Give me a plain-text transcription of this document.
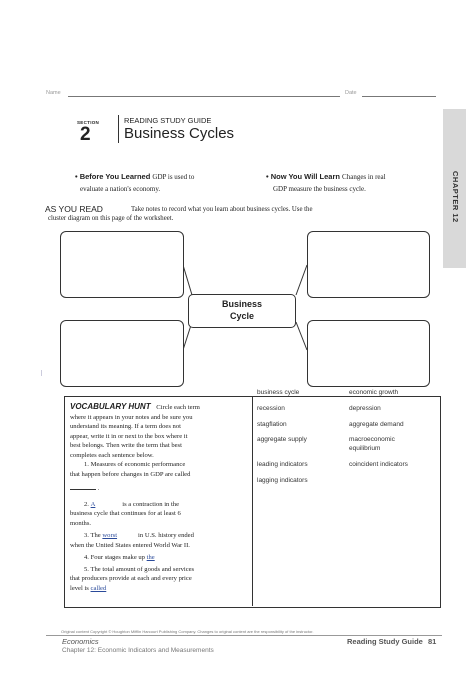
Name	Date
CHAPTER 12
SECTION
2
READING STUDY GUIDE
Business Cycles
• Before You Learned GDP is used to
evaluate a nation's economy.
• Now You Will Learn Changes in real
GDP measure the business cycle.
AS YOU READ	Take notes to record what you learn about business cycles. Use the
cluster diagram on this page of the worksheet.
Business
Cycle
business cycle	economic growth
recession	depression
stagflation	aggregate demand
aggregate supply	macroeconomic
equilibrium
leading indicators	coincident indicators
lagging indicators
VOCABULARY HUNT Circle each term
where it appears in your notes and be sure you
understand its meaning. If a term does not
appear, write it in or next to the box where it
best belongs. Then write the term that best
completes each sentence below.
1. Measures of economic performance
that happen before changes in GDP are called
.
2. A	is a contraction in the
business cycle that continues for at least 6
months.
3. The worst	in U.S. history ended
when the United States entered World War II.
4. Four stages make up the
5. The total amount of goods and services
that producers provide at each and every price
level is called
Original content Copyright © Houghton Mifflin Harcourt Publishing Company. Changes to original content are the responsibility of the instructor.
Economics	Reading Study Guide 81
Chapter 12: Economic Indicators and Measurements
